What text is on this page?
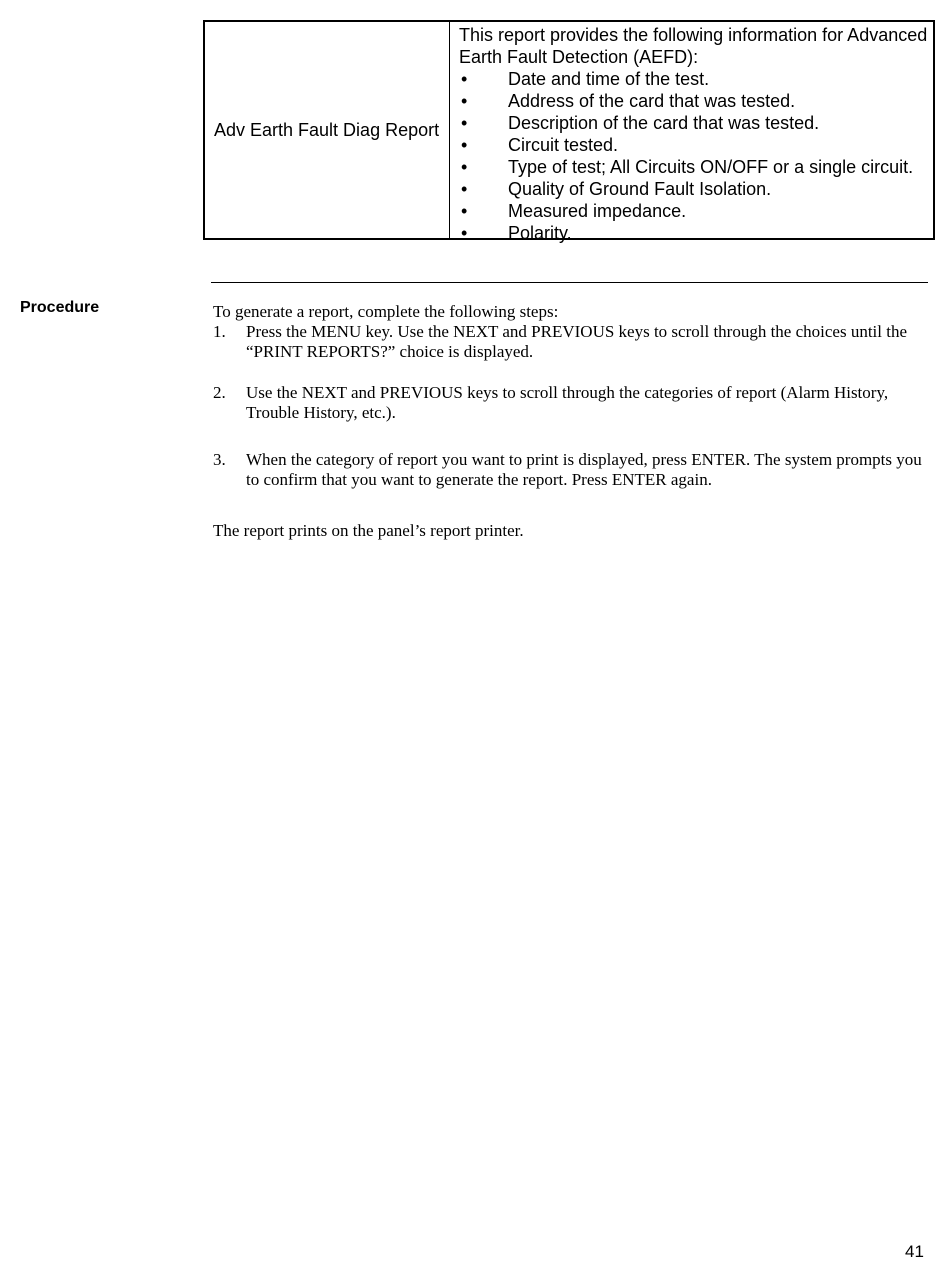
Adv Earth Fault Diag Report

This report provides the following information for Advanced Earth Fault Detection (AEFD):

• Date and time of the test.
• Address of the card that was tested.
• Description of the card that was tested.
• Circuit tested.
• Type of test; All Circuits ON/OFF or a single circuit.
• Quality of Ground Fault Isolation.
• Measured impedance.
• Polarity.
Procedure	To generate a report, complete the following steps:

1. Press the MENU key. Use the NEXT and PREVIOUS keys to scroll through the choices until the “PRINT REPORTS?” choice is displayed.
2. Use the NEXT and PREVIOUS keys to scroll through the categories of report (Alarm History, Trouble History, etc.).
3. When the category of report you want to print is displayed, press ENTER. The system prompts you to confirm that you want to generate the report. Press ENTER again.

The report prints on the panel’s report printer.

41
